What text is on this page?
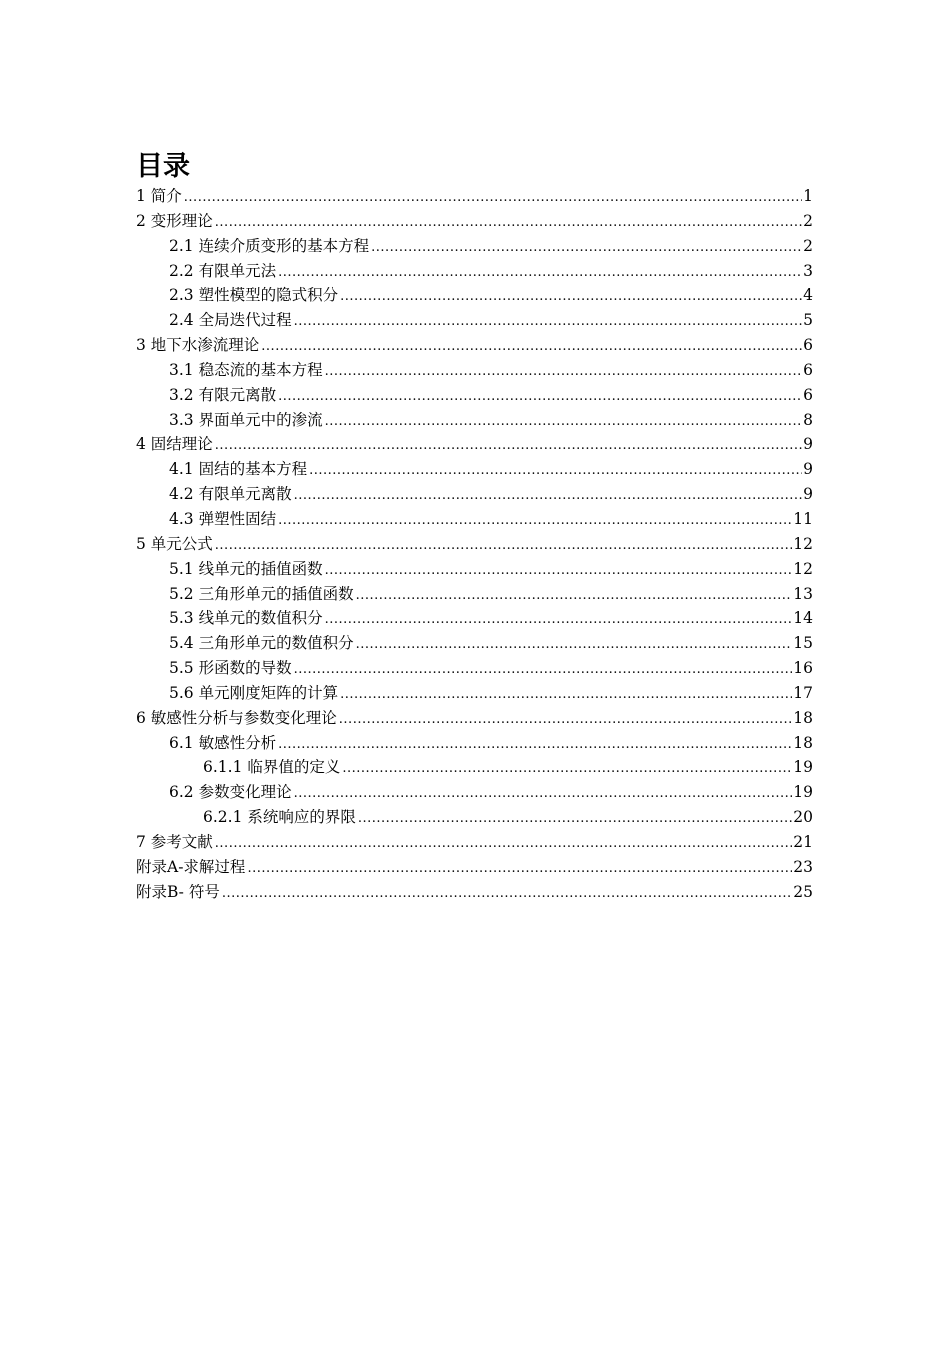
目录
1 简介 .....	1
2 变形理论 .....	2
2.1 连续介质变形的基本方程 .....	2
2.2 有限单元法 .....	3
2.3 塑性模型的隐式积分 .....	4
2.4 全局迭代过程 .....	5
3 地下水渗流理论 .....	6
3.1 稳态流的基本方程 .....	6
3.2 有限元离散 .....	6
3.3 界面单元中的渗流 .....	8
4 固结理论 .....	9
4.1 固结的基本方程 .....	9
4.2 有限单元离散 .....	9
4.3 弹塑性固结 .....	11
5 单元公式 .....	12
5.1 线单元的插值函数 .....	12
5.2 三角形单元的插值函数 .....	13
5.3 线单元的数值积分 .....	14
5.4 三角形单元的数值积分 .....	15
5.5 形函数的导数 .....	16
5.6 单元刚度矩阵的计算 .....	17
6 敏感性分析与参数变化理论 .....	18
6.1 敏感性分析 .....	18
6.1.1 临界值的定义 .....	19
6.2 参数变化理论 .....	19
6.2.1 系统响应的界限 .....	20
7 参考文献 .....	21
附录A-求解过程 .....	23
附录B- 符号 .....	25
